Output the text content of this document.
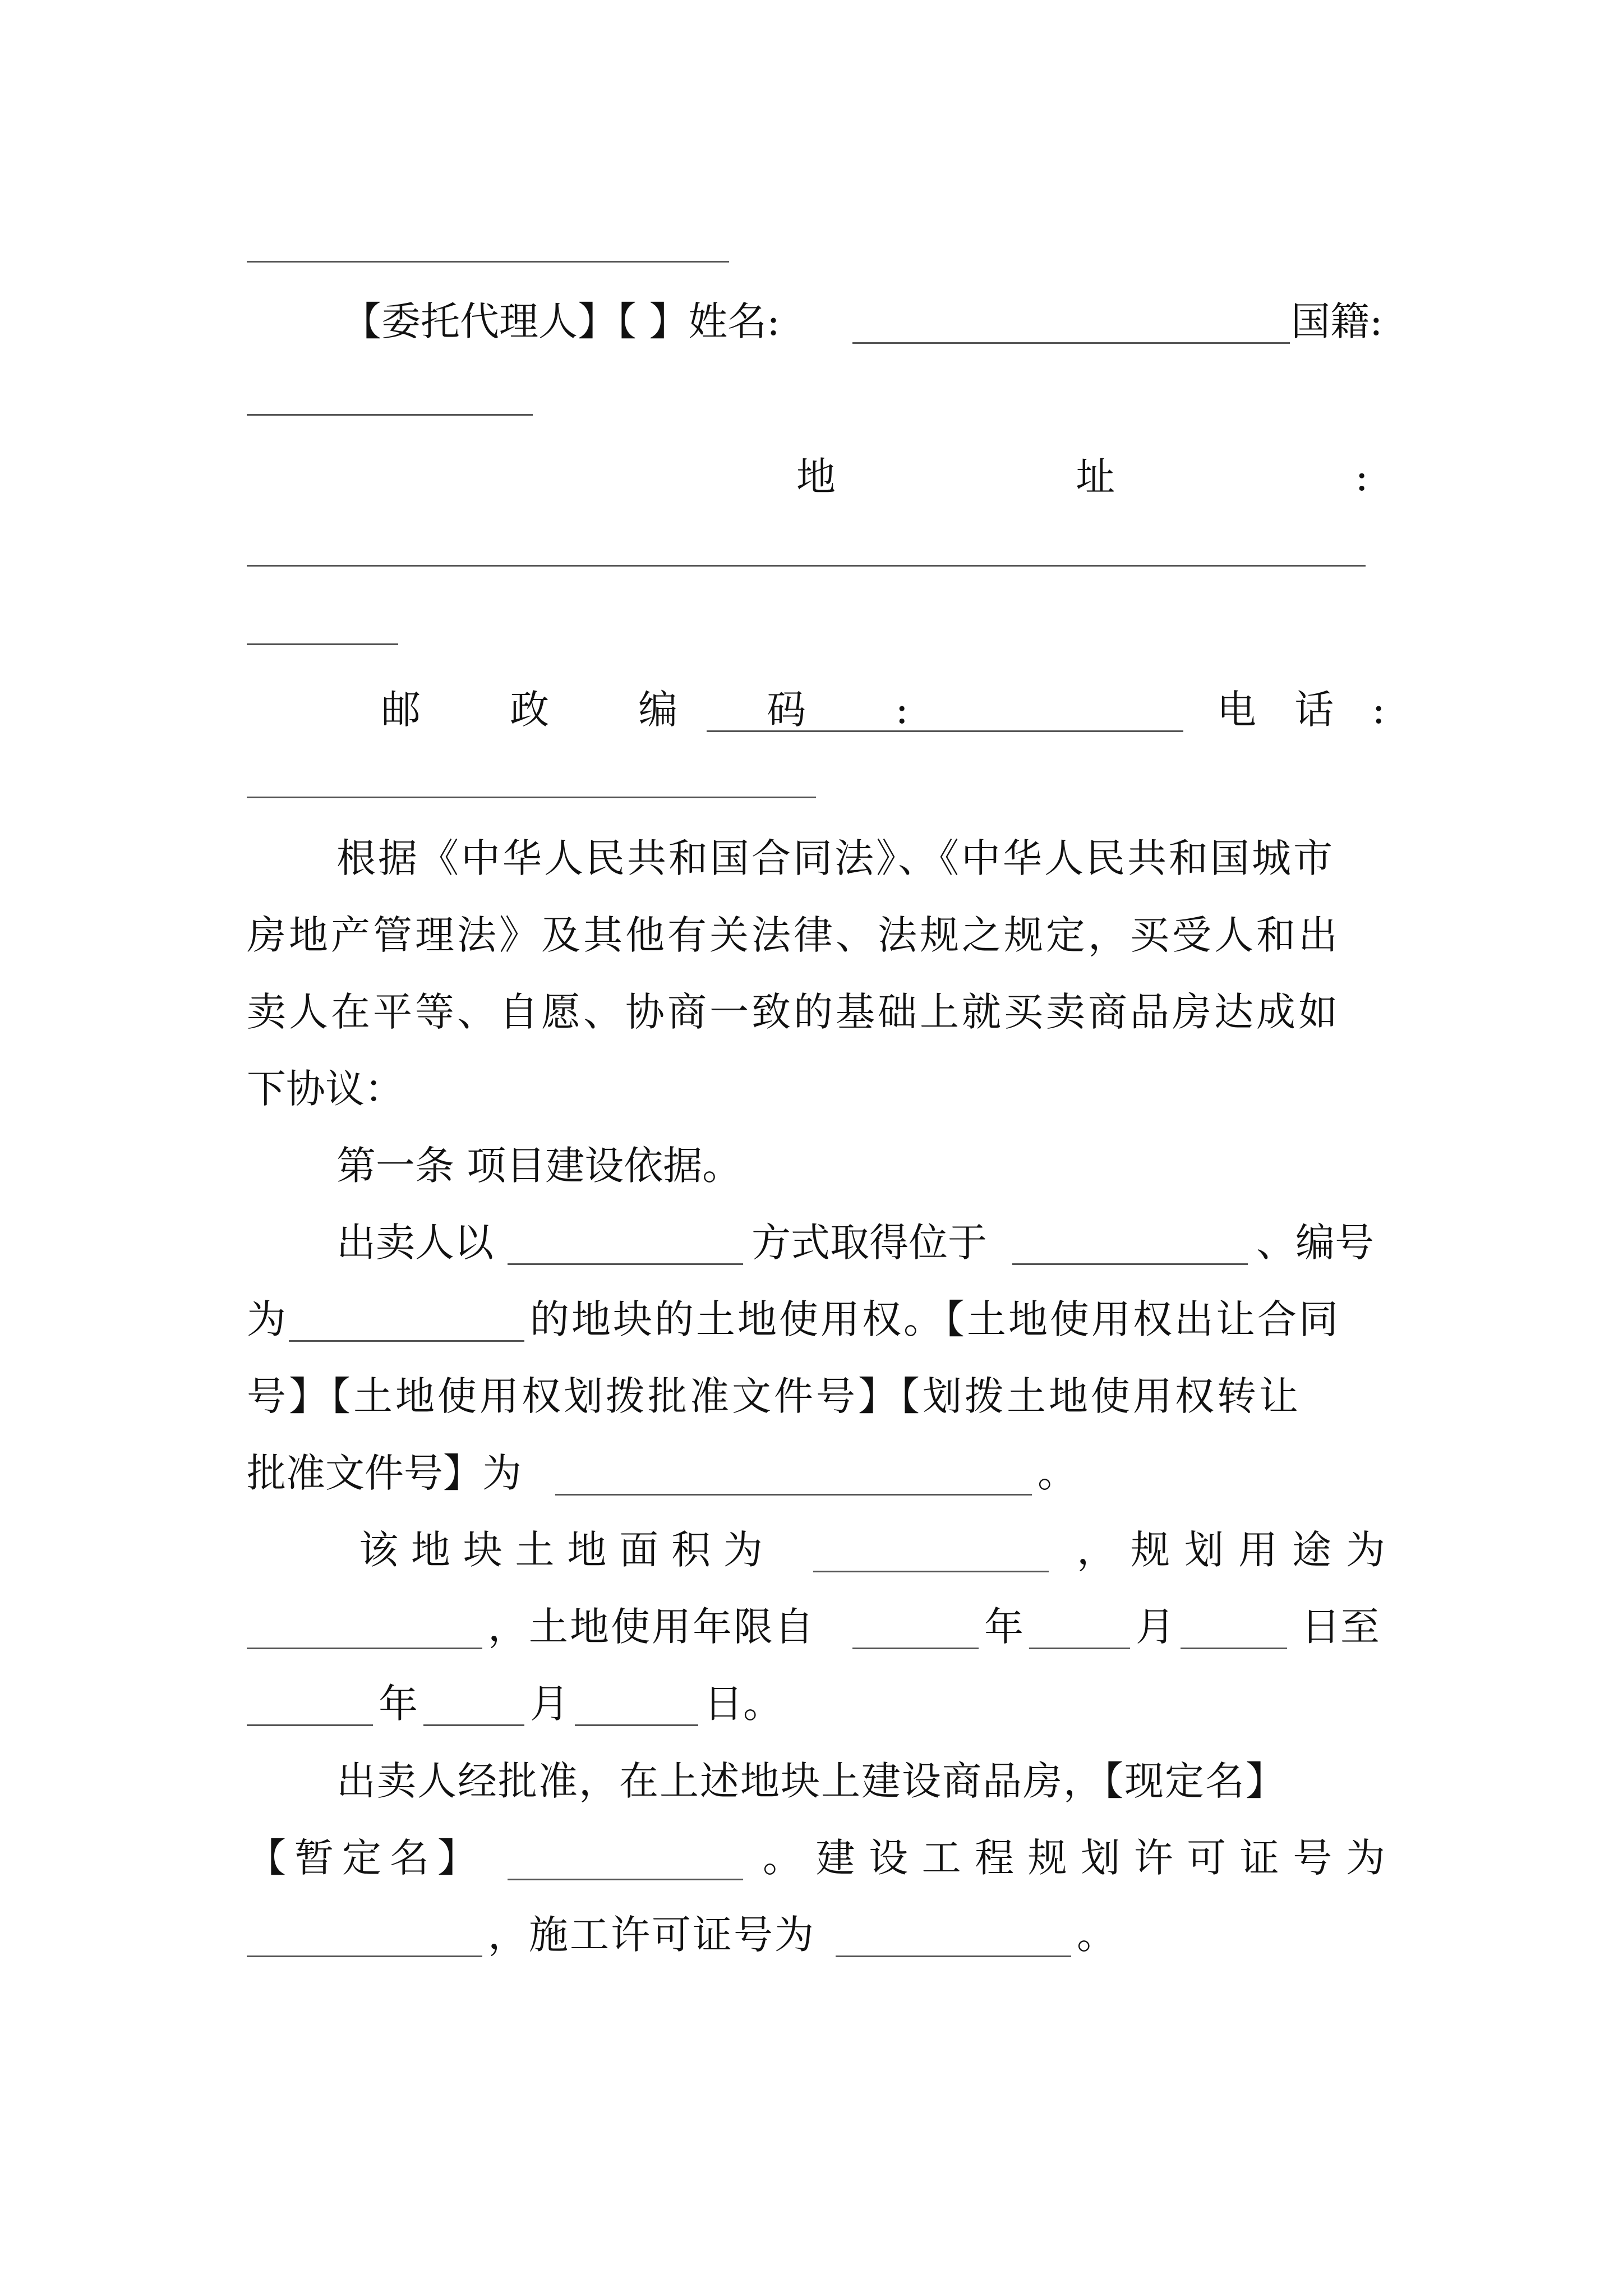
【委托代理人】【 】姓名:	国籍:
地	址	:
邮 政 编 码 :	电 话 :
根据《中华人民共和国合同法》、《中华人民共和国城市
房地产管理法》及其他有关法律、法规之规定，买受人和出
卖人在平等、自愿、协商一致的基础上就买卖商品房达成如
下协议：
第一条 项目建设依据。
出卖人以	方式取得位于	、编号
为	的地块的土地使用权。【土地使用权出让合同
号】【土地使用权划拨批准文件号】【划拨土地使用权转让
批准文件号】为	。
该 地 块 土 地 面 积 为	， 规 划 用 途 为
，土地使用年限自	年	月	日至
年	月	日。
出卖人经批准，在上述地块上建设商品房，【现定名】
【 暂 定 名 】	。 建 设 工 程 规 划 许 可 证 号 为
，施工许可证号为	。
